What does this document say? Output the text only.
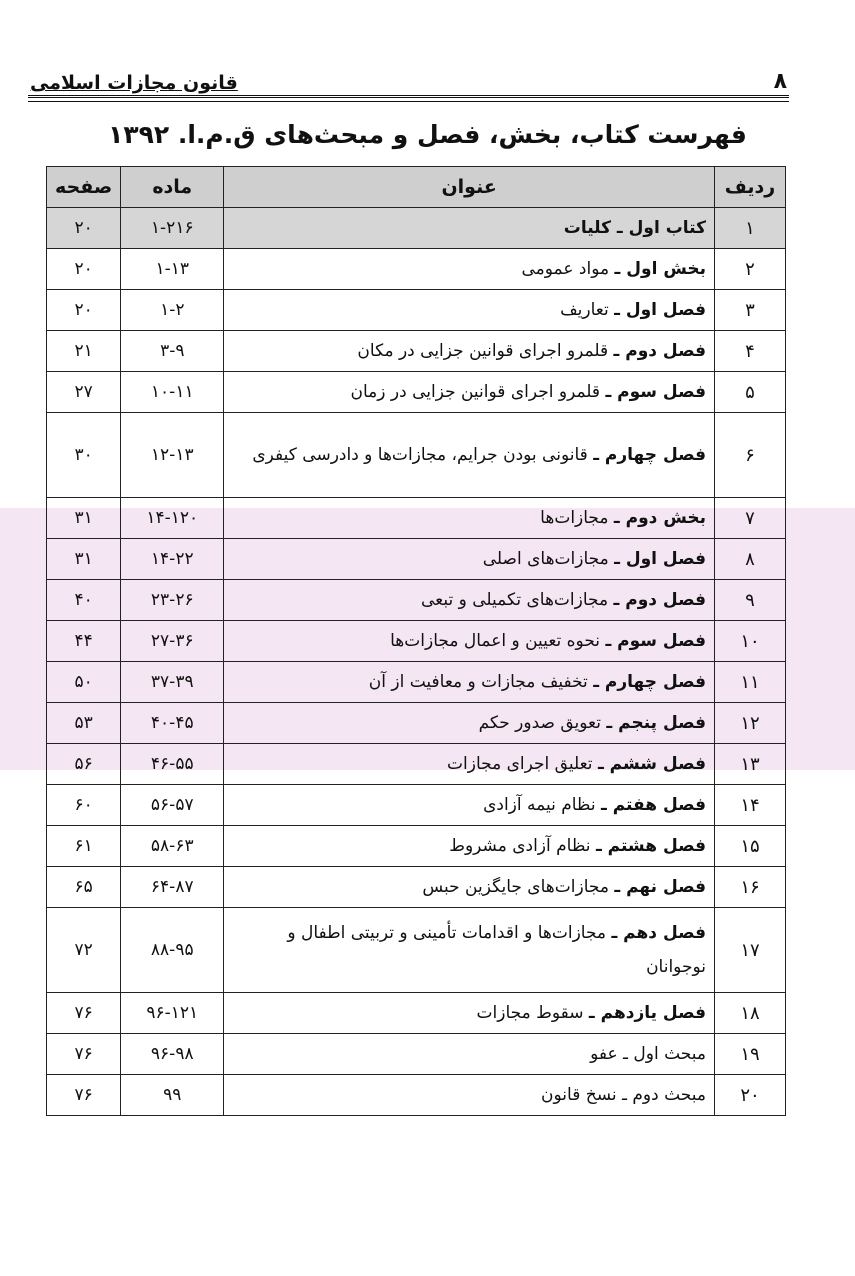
قانون مجازات اسلامی	۸
فهرست کتاب، بخش، فصل و مبحث‌های ق.م.ا. ۱۳۹۲
ردیف	عنوان	ماده	صفحه
۱	کتاب اول ـ کلیات	۱-۲۱۶	۲۰
۲	بخش اول ـ مواد عمومی	۱-۱۳	۲۰
۳	فصل اول ـ تعاریف	۱-۲	۲۰
۴	فصل دوم ـ قلمرو اجرای قوانین جزایی در مکان	۳-۹	۲۱
۵	فصل سوم ـ قلمرو اجرای قوانین جزایی در زمان	۱۰-۱۱	۲۷
۶	فصل چهارم ـ قانونی بودن جرایم، مجازات‌ها و دادرسی کیفری	۱۲-۱۳	۳۰
۷	بخش دوم ـ مجازات‌ها	۱۴-۱۲۰	۳۱
۸	فصل اول ـ مجازات‌های اصلی	۱۴-۲۲	۳۱
۹	فصل دوم ـ مجازات‌های تکمیلی و تبعی	۲۳-۲۶	۴۰
۱۰	فصل سوم ـ نحوه تعیین و اعمال مجازات‌ها	۲۷-۳۶	۴۴
۱۱	فصل چهارم ـ تخفیف مجازات و معافیت از آن	۳۷-۳۹	۵۰
۱۲	فصل پنجم ـ تعویق صدور حکم	۴۰-۴۵	۵۳
۱۳	فصل ششم ـ تعلیق اجرای مجازات	۴۶-۵۵	۵۶
۱۴	فصل هفتم ـ نظام نیمه آزادی	۵۶-۵۷	۶۰
۱۵	فصل هشتم ـ نظام آزادی مشروط	۵۸-۶۳	۶۱
۱۶	فصل نهم ـ مجازات‌های جایگزین حبس	۶۴-۸۷	۶۵
۱۷	فصل دهم ـ مجازات‌ها و اقدامات تأمینی و تربیتی اطفال و نوجوانان	۸۸-۹۵	۷۲
۱۸	فصل یازدهم ـ سقوط مجازات	۹۶-۱۲۱	۷۶
۱۹	مبحث اول ـ عفو	۹۶-۹۸	۷۶
۲۰	مبحث دوم ـ نسخ قانون	۹۹	۷۶
